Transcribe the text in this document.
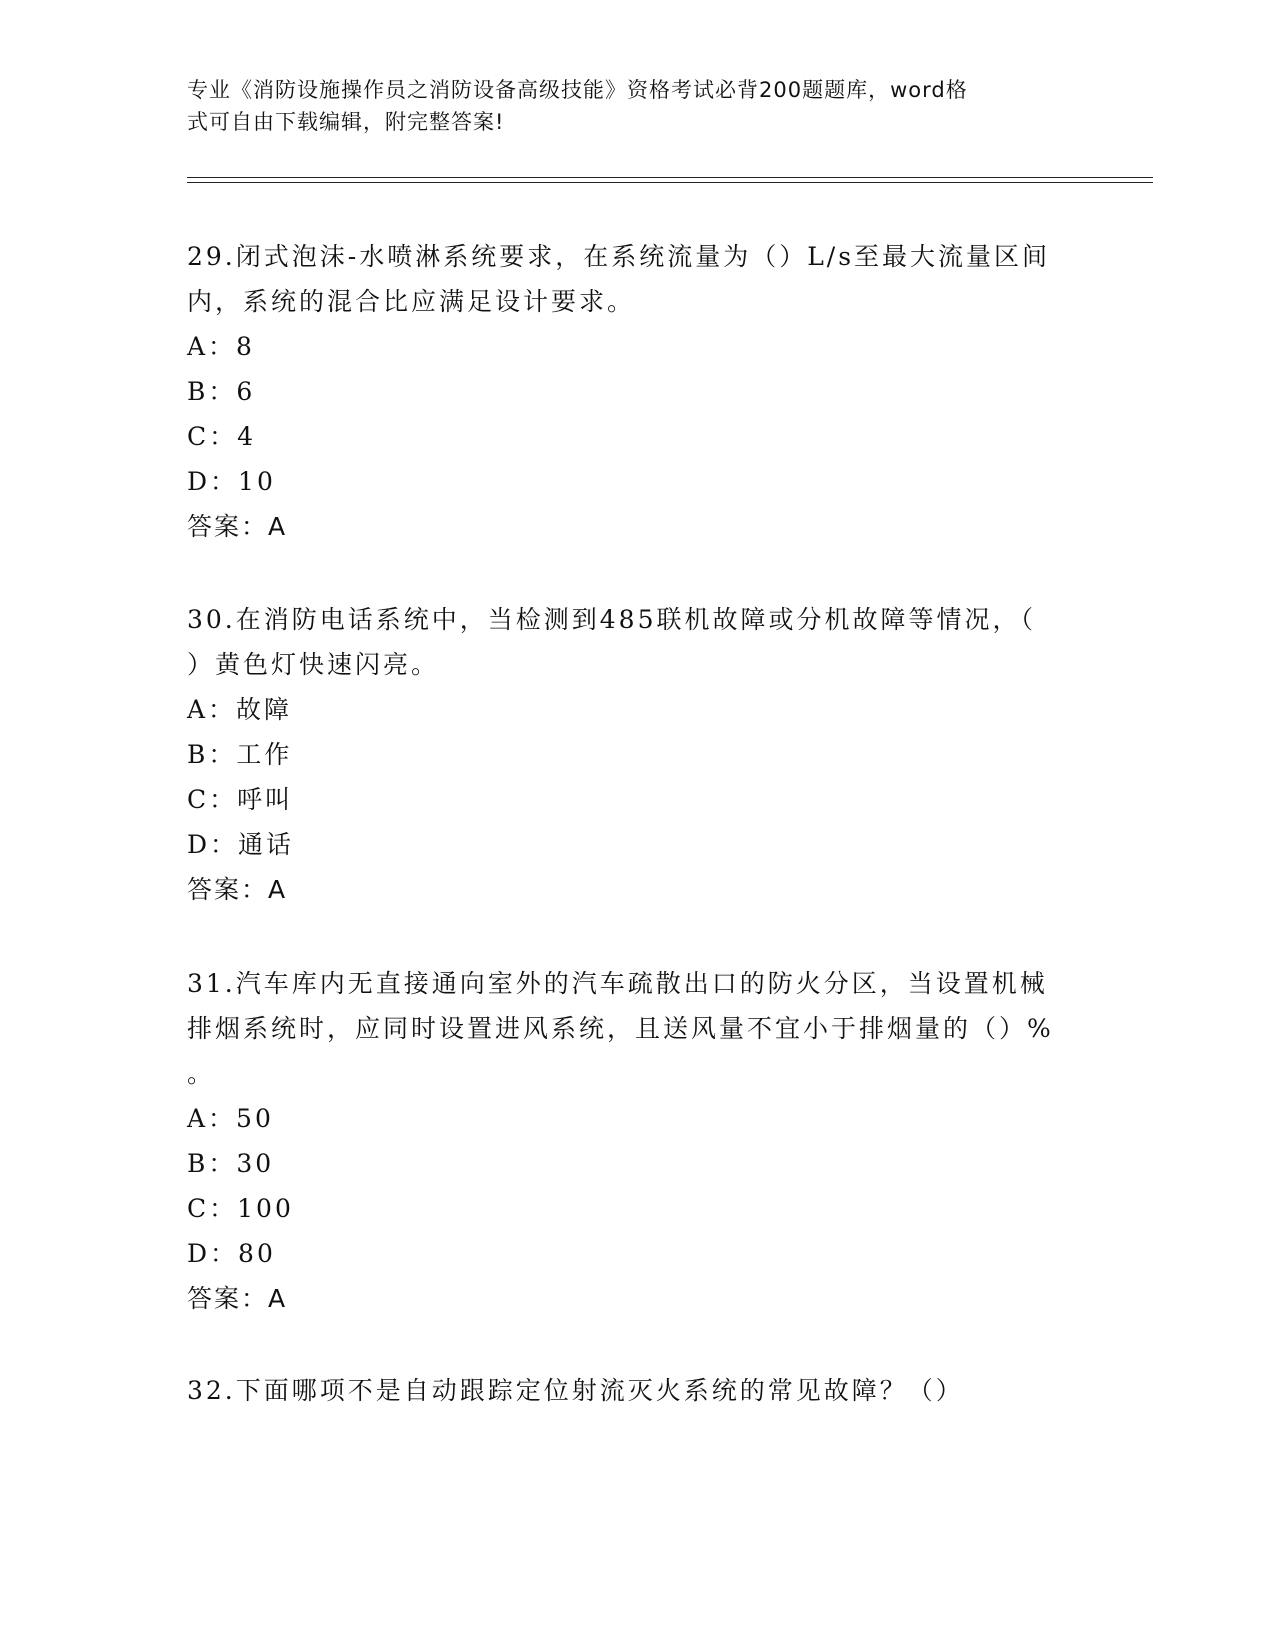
专业《消防设施操作员之消防设备高级技能》资格考试必背200题题库，word格
式可自由下载编辑，附完整答案!
29.闭式泡沫-水喷淋系统要求，在系统流量为（）L/s至最大流量区间
内，系统的混合比应满足设计要求。
A：8
B：6
C：4
D：10
答案：A
30.在消防电话系统中，当检测到485联机故障或分机故障等情况，（
）黄色灯快速闪亮。
A：故障
B：工作
C：呼叫
D：通话
答案：A
31.汽车库内无直接通向室外的汽车疏散出口的防火分区，当设置机械
排烟系统时，应同时设置进风系统，且送风量不宜小于排烟量的（）%
。
A：50
B：30
C：100
D：80
答案：A
32.下面哪项不是自动跟踪定位射流灭火系统的常见故障？（）
